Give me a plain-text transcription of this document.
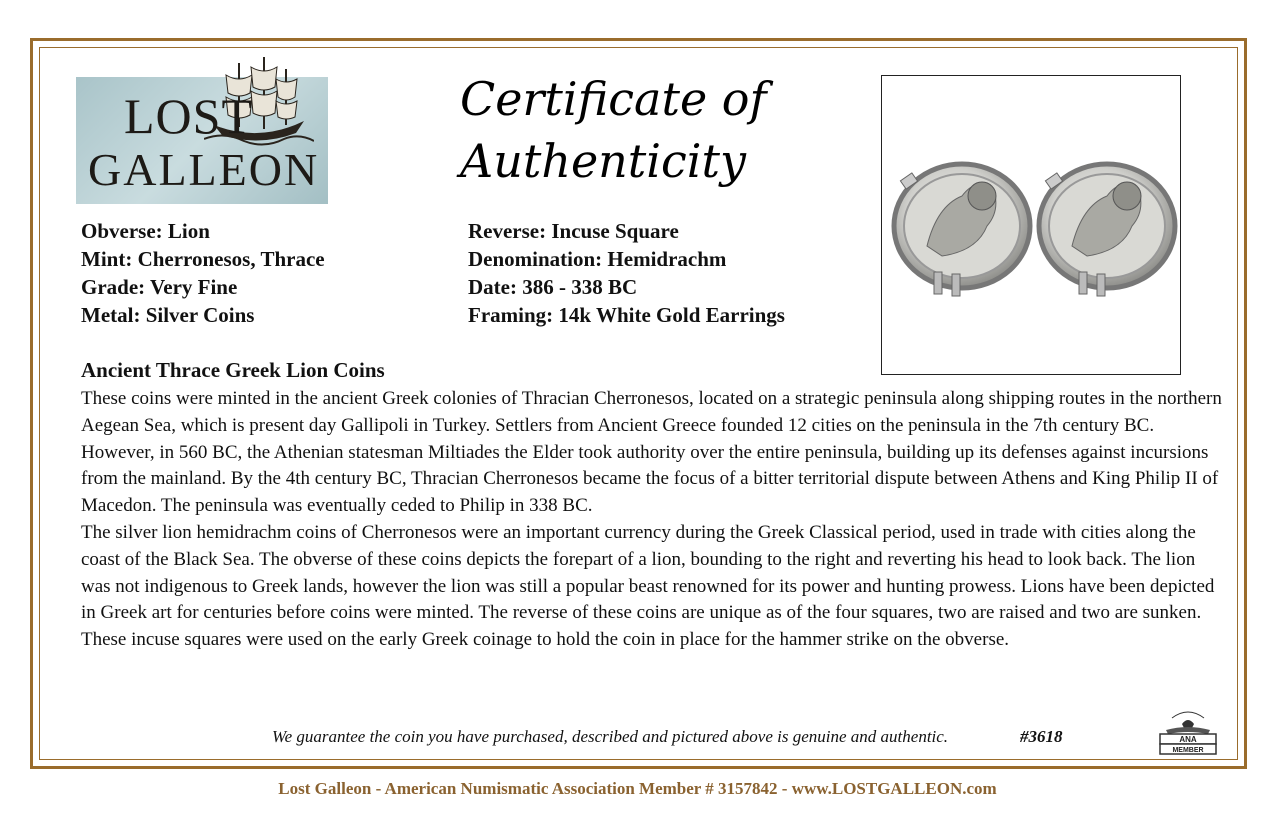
LOST
GALLEON
Certificate of
Authenticity
Obverse: Lion
Mint: Cherronesos, Thrace
Grade: Very Fine
Metal: Silver Coins
Reverse: Incuse Square
Denomination: Hemidrachm
Date: 386 - 338 BC
Framing: 14k White Gold Earrings
Ancient Thrace Greek Lion Coins

These coins were minted in the ancient Greek colonies of Thracian Cherronesos, located on a strategic peninsula along shipping routes in the northern Aegean Sea, which is present day Gallipoli in Turkey. Settlers from Ancient Greece founded 12 cities on the peninsula in the 7th century BC. However, in 560 BC, the Athenian statesman Miltiades the Elder took authority over the entire peninsula, building up its defenses against incursions from the mainland. By the 4th century BC, Thracian Cherronesos became the focus of a bitter territorial dispute between Athens and King Philip II of Macedon. The peninsula was eventually ceded to Philip in 338 BC.

The silver lion hemidrachm coins of Cherronesos were an important currency during the Greek Classical period, used in trade with cities along the coast of the Black Sea. The obverse of these coins depicts the forepart of a lion, bounding to the right and reverting his head to look back. The lion was not indigenous to Greek lands, however the lion was still a popular beast renowned for its power and hunting prowess. Lions have been depicted in Greek art for centuries before coins were minted. The reverse of these coins are unique as of the four squares, two are raised and two are sunken. These incuse squares were used on the early Greek coinage to hold the coin in place for the hammer strike on the obverse.

We guarantee the coin you have purchased, described and pictured above is genuine and authentic.	#3618	ANA
MEMBER
Lost Galleon - American Numismatic Association Member # 3157842 - www.LOSTGALLEON.com
